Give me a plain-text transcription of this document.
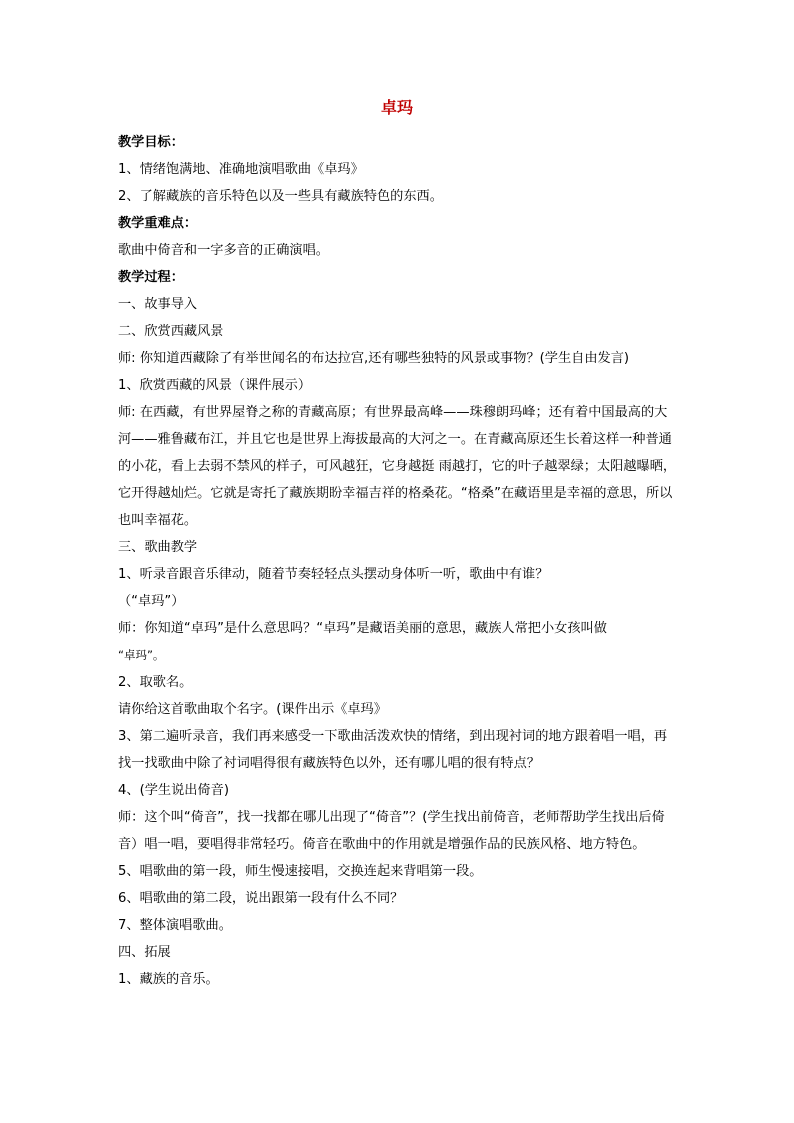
卓玛

教学目标：

1、情绪饱满地、准确地演唱歌曲《卓玛》

2、了解藏族的音乐特色以及一些具有藏族特色的东西。

教学重难点：

歌曲中倚音和一字多音的正确演唱。

教学过程：

一、故事导入

二、欣赏西藏风景

师: 你知道西藏除了有举世闻名的布达拉宫,还有哪些独特的风景或事物？(学生自由发言)

1、欣赏西藏的风景（课件展示）

师: 在西藏，有世界屋脊之称的青藏高原；有世界最高峰——珠穆朗玛峰；还有着中国最高的大河——雅鲁藏布江，并且它也是世界上海拔最高的大河之一。在青藏高原还生长着这样一种普通的小花，看上去弱不禁风的样子，可风越狂，它身越挺 雨越打，它的叶子越翠绿；太阳越曝晒，它开得越灿烂。它就是寄托了藏族期盼幸福吉祥的格桑花。“格桑”在藏语里是幸福的意思，所以也叫幸福花。

三、歌曲教学

1、听录音跟音乐律动，随着节奏轻轻点头摆动身体听一听，歌曲中有谁？

（“卓玛”）

师：你知道“卓玛”是什么意思吗？“卓玛”是藏语美丽的意思，藏族人常把小女孩叫做

“卓玛”。

2、取歌名。

请你给这首歌曲取个名字。(课件出示《卓玛》

3、第二遍听录音，我们再来感受一下歌曲活泼欢快的情绪，到出现衬词的地方跟着唱一唱，再找一找歌曲中除了衬词唱得很有藏族特色以外，还有哪儿唱的很有特点？

4、(学生说出倚音)

师：这个叫“倚音”，找一找都在哪儿出现了“倚音”？(学生找出前倚音，老师帮助学生找出后倚音）唱一唱，要唱得非常轻巧。倚音在歌曲中的作用就是增强作品的民族风格、地方特色。

5、唱歌曲的第一段，师生慢速接唱，交换连起来背唱第一段。

6、唱歌曲的第二段，说出跟第一段有什么不同？

7、整体演唱歌曲。

四、拓展

1、藏族的音乐。
